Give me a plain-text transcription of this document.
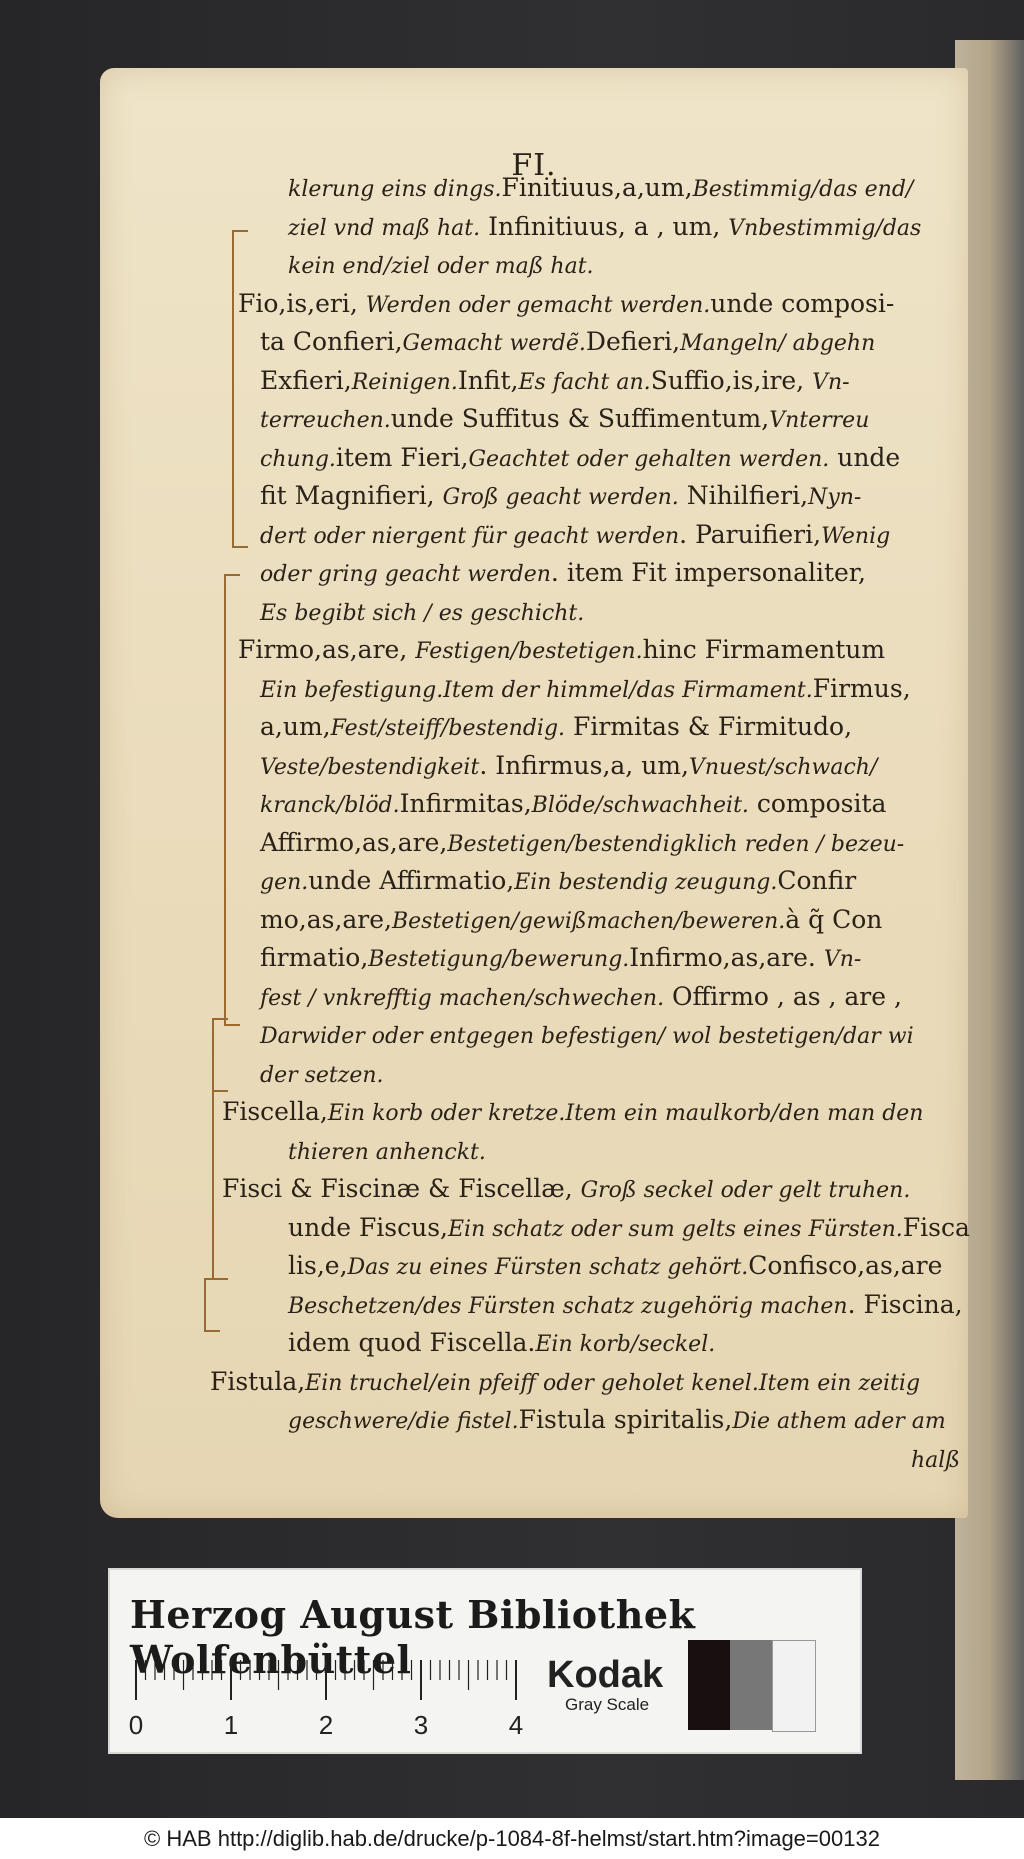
FI.
klerung eins dings.Finitiuus,a,um,Bestimmig/das end/
ziel vnd maß hat. Infinitiuus, a , um, Vnbestimmig/das
kein end/ziel oder maß hat.
Fio,is,eri, Werden oder gemacht werden.unde composi-
ta Confieri,Gemacht werdẽ.Defieri,Mangeln/ abgehn
Exfieri,Reinigen.Infit,Es facht an.Suffio,is,ire, Vn-
terreuchen.unde Suffitus & Suffimentum,Vnterreu
chung.item Fieri,Geachtet oder gehalten werden. unde
fit Magnifieri, Groß geacht werden. Nihilfieri,Nyn-
dert oder niergent für geacht werden. Paruifieri,Wenig
oder gring geacht werden. item Fit impersonaliter,
Es begibt sich / es geschicht.
Firmo,as,are, Festigen/bestetigen.hinc Firmamentum
Ein befestigung.Item der himmel/das Firmament.Firmus,
a,um,Fest/steiff/bestendig. Firmitas & Firmitudo,
Veste/bestendigkeit. Infirmus,a, um,Vnuest/schwach/
kranck/blöd.Infirmitas,Blöde/schwachheit. composita
Affirmo,as,are,Bestetigen/bestendigklich reden / bezeu-
gen.unde Affirmatio,Ein bestendig zeugung.Confir
mo,as,are,Bestetigen/gewißmachen/beweren.à q̃ Con
firmatio,Bestetigung/bewerung.Infirmo,as,are. Vn-
fest / vnkrefftig machen/schwechen. Offirmo , as , are ,
Darwider oder entgegen befestigen/ wol bestetigen/dar wi
der setzen.
Fiscella,Ein korb oder kretze.Item ein maulkorb/den man den
thieren anhenckt.
Fisci & Fiscinæ & Fiscellæ, Groß seckel oder gelt truhen.
unde Fiscus,Ein schatz oder sum gelts eines Fürsten.Fisca
lis,e,Das zu eines Fürsten schatz gehört.Confisco,as,are
Beschetzen/des Fürsten schatz zugehörig machen. Fiscina,
idem quod Fiscella.Ein korb/seckel.
Fistula,Ein truchel/ein pfeiff oder geholet kenel.Item ein zeitig
geschwere/die fistel.Fistula spiritalis,Die athem ader am
halß
Herzog August Bibliothek Wolfenbüttel
0	1	2	3	4
Kodak
Gray Scale
© HAB http://diglib.hab.de/drucke/p-1084-8f-helmst/start.htm?image=00132
